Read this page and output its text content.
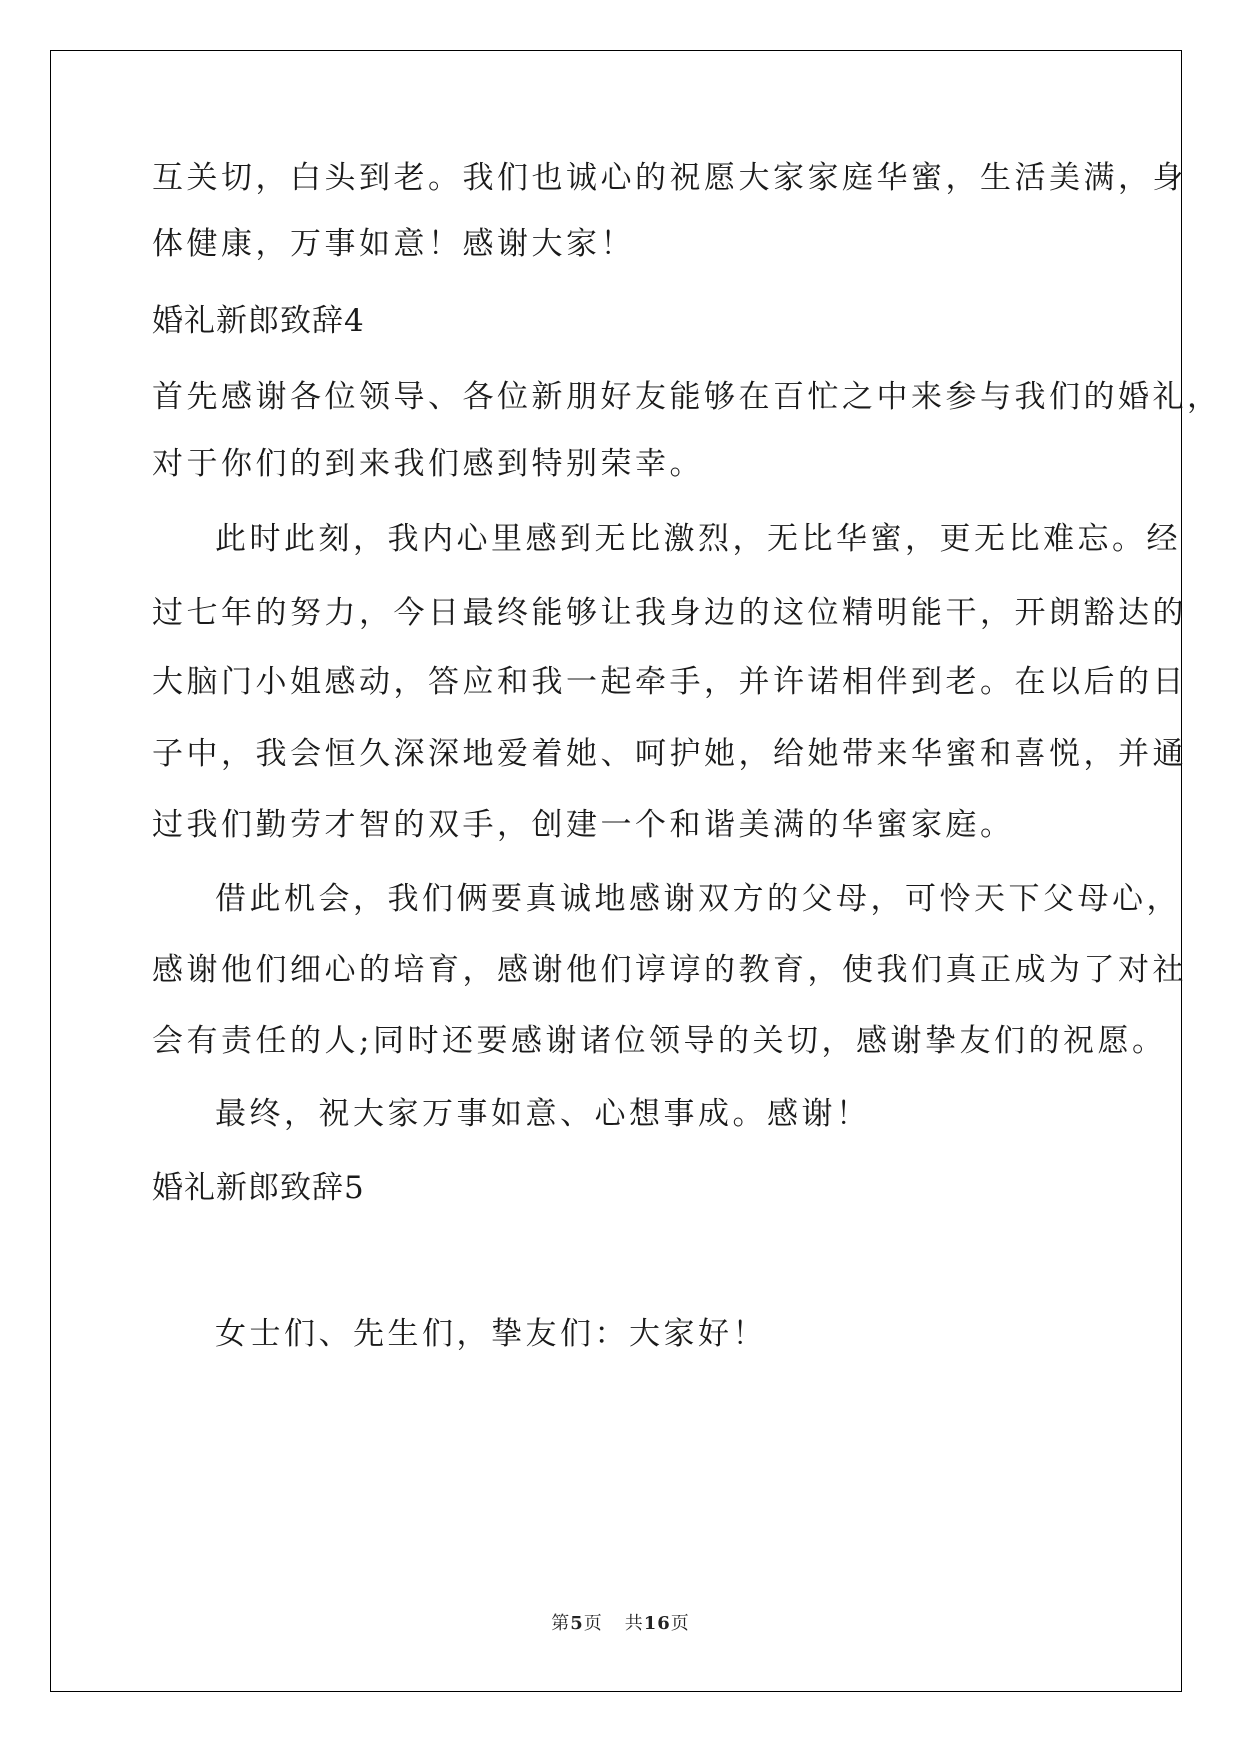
互关切，白头到老。我们也诚心的祝愿大家家庭华蜜，生活美满，身
体健康，万事如意！感谢大家！
婚礼新郎致辞4
首先感谢各位领导、各位新朋好友能够在百忙之中来参与我们的婚礼，
对于你们的到来我们感到特别荣幸。
此时此刻，我内心里感到无比激烈，无比华蜜，更无比难忘。经
过七年的努力，今日最终能够让我身边的这位精明能干，开朗豁达的
大脑门小姐感动，答应和我一起牵手，并许诺相伴到老。在以后的日
子中，我会恒久深深地爱着她、呵护她，给她带来华蜜和喜悦，并通
过我们勤劳才智的双手，创建一个和谐美满的华蜜家庭。
借此机会，我们俩要真诚地感谢双方的父母，可怜天下父母心，
感谢他们细心的培育，感谢他们谆谆的教育，使我们真正成为了对社
会有责任的人;同时还要感谢诸位领导的关切，感谢挚友们的祝愿。
最终，祝大家万事如意、心想事成。感谢！
婚礼新郎致辞5
女士们、先生们，挚友们：大家好！
第5页 共16页
